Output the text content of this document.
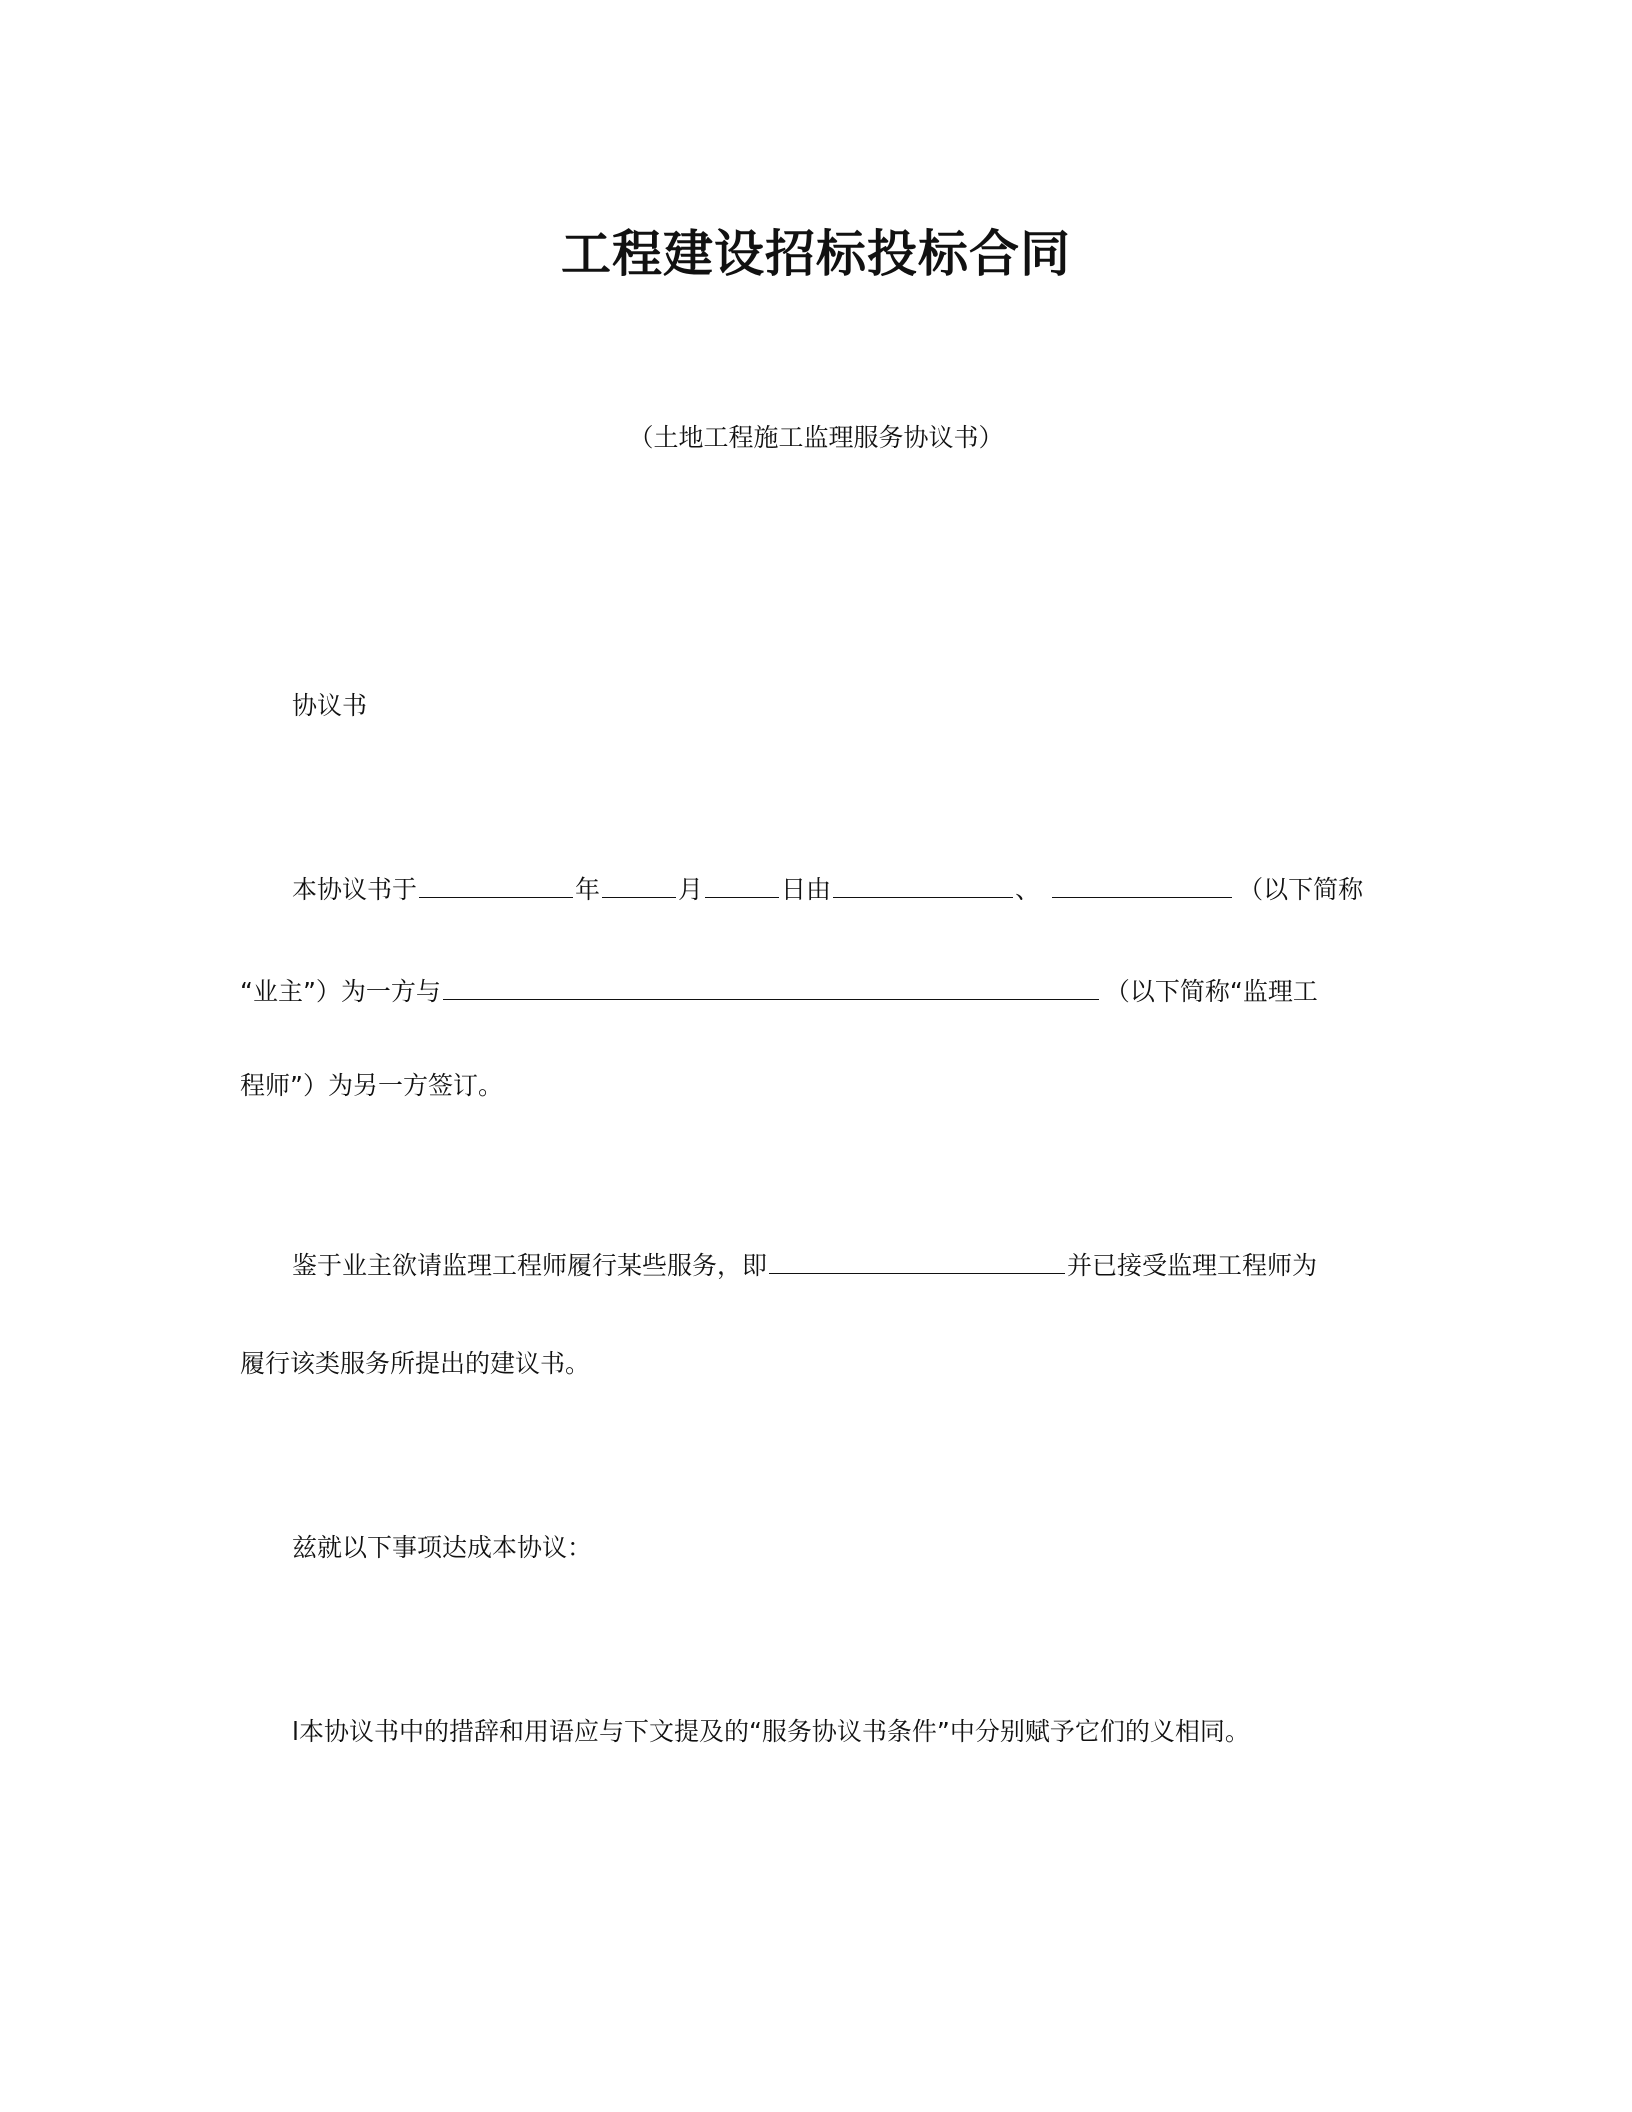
工程建设招标投标合同
（土地工程施工监理服务协议书）
协议书
本协议书于	年	月	日由	、	（以下简称
“业主”）为一方与	（以下简称“监理工
程师”）为另一方签订。
鉴于业主欲请监理工程师履行某些服务，即	并已接受监理工程师为
履行该类服务所提出的建议书。
兹就以下事项达成本协议：
l本协议书中的措辞和用语应与下文提及的“服务协议书条件”中分别赋予它们的义相同。
